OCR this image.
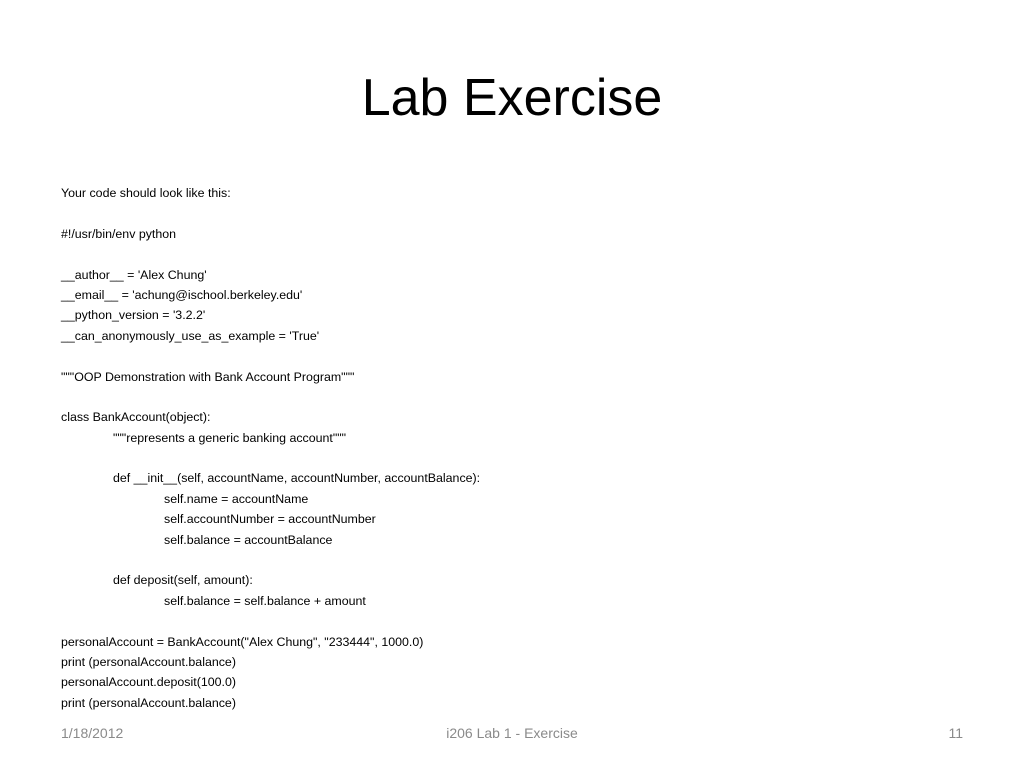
Lab Exercise
Your code should look like this:
#!/usr/bin/env python
__author__ = 'Alex Chung'
__email__ = 'achung@ischool.berkeley.edu'
__python_version = '3.2.2'
__can_anonymously_use_as_example = 'True'
"""OOP Demonstration with Bank Account Program"""
class BankAccount(object):
"""represents a generic banking account"""
def __init__(self, accountName, accountNumber, accountBalance):
self.name = accountName
self.accountNumber = accountNumber
self.balance = accountBalance
def deposit(self, amount):
self.balance = self.balance + amount
personalAccount = BankAccount("Alex Chung", "233444", 1000.0)
print (personalAccount.balance)
personalAccount.deposit(100.0)
print (personalAccount.balance)
1/18/2012	i206 Lab 1 - Exercise	11
